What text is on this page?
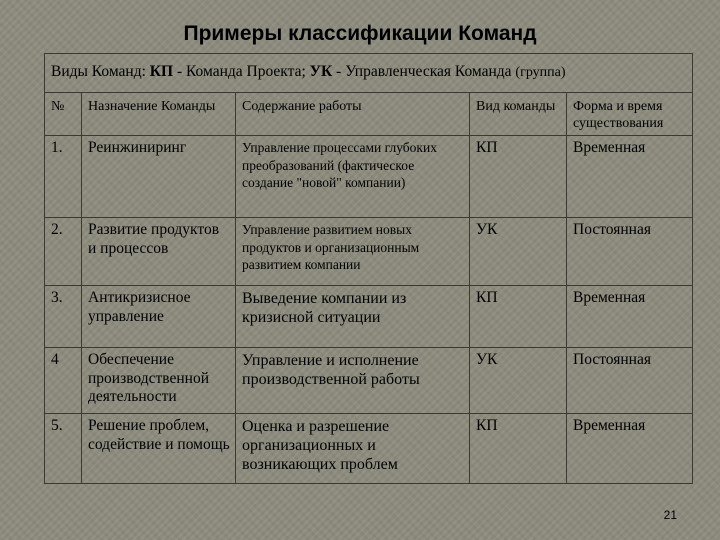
Примеры классификации Команд
Виды Команд: КП - Команда Проекта; УК - Управленческая Команда (группа)				
№	Назначение Команды	Содержание работы	Вид команды	Форма и время существования
1.	Реинжиниринг	Управление процессами глубоких преобразований (фактическое создание "новой" компании)	КП	Временная
2.	Развитие продуктов и процессов	Управление развитием новых продуктов и организационным развитием компании	УК	Постоянная
3.	Антикризисное управление	Выведение компании из кризисной ситуации	КП	Временная
4	Обеспечение производственной деятельности	Управление и исполнение производственной работы	УК	Постоянная
5.	Решение проблем, содействие и помощь	Оценка и разрешение организационных и возникающих проблем	КП	Временная
21
